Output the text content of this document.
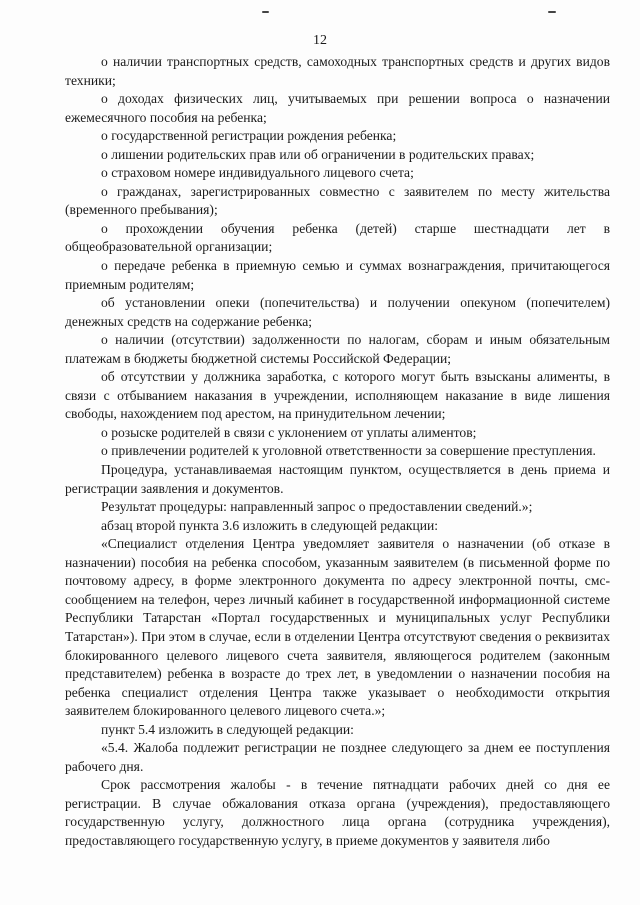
12

о наличии транспортных средств, самоходных транспортных средств и других видов техники;

о доходах физических лиц, учитываемых при решении вопроса о назначении ежемесячного пособия на ребенка;

о государственной регистрации рождения ребенка;

о лишении родительских прав или об ограничении в родительских правах;

о страховом номере индивидуального лицевого счета;

о гражданах, зарегистрированных совместно с заявителем по месту жительства (временного пребывания);

о прохождении обучения ребенка (детей) старше шестнадцати лет в общеобразовательной организации;

о передаче ребенка в приемную семью и суммах вознаграждения, причитающегося приемным родителям;

об установлении опеки (попечительства) и получении опекуном (попечителем) денежных средств на содержание ребенка;

о наличии (отсутствии) задолженности по налогам, сборам и иным обязательным платежам в бюджеты бюджетной системы Российской Федерации;

об отсутствии у должника заработка, с которого могут быть взысканы алименты, в связи с отбыванием наказания в учреждении, исполняющем наказание в виде лишения свободы, нахождением под арестом, на принудительном лечении;

о розыске родителей в связи с уклонением от уплаты алиментов;

о привлечении родителей к уголовной ответственности за совершение преступления.

Процедура, устанавливаемая настоящим пунктом, осуществляется в день приема и регистрации заявления и документов.

Результат процедуры: направленный запрос о предоставлении сведений.»;

абзац второй пункта 3.6 изложить в следующей редакции:

«Специалист отделения Центра уведомляет заявителя о назначении (об отказе в назначении) пособия на ребенка способом, указанным заявителем (в письменной форме по почтовому адресу, в форме электронного документа по адресу электронной почты, смс-сообщением на телефон, через личный кабинет в государственной информационной системе Республики Татарстан «Портал государственных и муниципальных услуг Республики Татарстан»). При этом в случае, если в отделении Центра отсутствуют сведения о реквизитах блокированного целевого лицевого счета заявителя, являющегося родителем (законным представителем) ребенка в возрасте до трех лет, в уведомлении о назначении пособия на ребенка специалист отделения Центра также указывает о необходимости открытия заявителем блокированного целевого лицевого счета.»;

пункт 5.4 изложить в следующей редакции:

«5.4. Жалоба подлежит регистрации не позднее следующего за днем ее поступления рабочего дня.

Срок рассмотрения жалобы - в течение пятнадцати рабочих дней со дня ее регистрации. В случае обжалования отказа органа (учреждения), предоставляющего государственную услугу, должностного лица органа (сотрудника учреждения), предоставляющего государственную услугу, в приеме документов у заявителя либо
